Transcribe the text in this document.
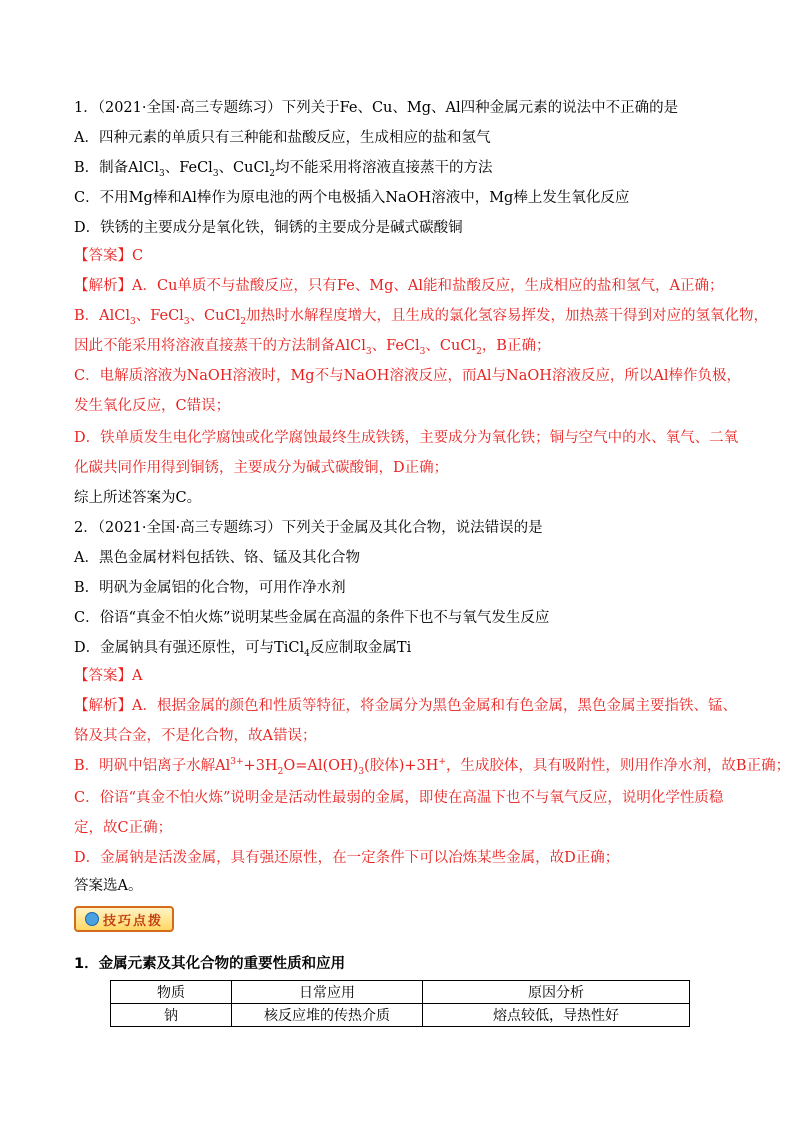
1．（2021·全国·高三专题练习）下列关于Fe、Cu、Mg、Al四种金属元素的说法中不正确的是
A．四种元素的单质只有三种能和盐酸反应，生成相应的盐和氢气
B．制备AlCl$_3$、FeCl$_3$、CuCl$_2$均不能采用将溶液直接蒸干的方法
C．不用Mg棒和Al棒作为原电池的两个电极插入NaOH溶液中，Mg棒上发生氧化反应
D．铁锈的主要成分是氧化铁，铜锈的主要成分是碱式碳酸铜
【答案】C
【解析】A．Cu单质不与盐酸反应，只有Fe、Mg、Al能和盐酸反应，生成相应的盐和氢气，A正确；
B．AlCl$_3$、FeCl$_3$、CuCl$_2$加热时水解程度增大，且生成的氯化氢容易挥发，加热蒸干得到对应的氢氧化物，
因此不能采用将溶液直接蒸干的方法制备AlCl$_3$、FeCl$_3$、CuCl$_2$，B正确；
C．电解质溶液为NaOH溶液时，Mg不与NaOH溶液反应，而Al与NaOH溶液反应，所以Al棒作负极，
发生氧化反应，C错误；
D．铁单质发生电化学腐蚀或化学腐蚀最终生成铁锈，主要成分为氧化铁；铜与空气中的水、氧气、二氧
化碳共同作用得到铜锈，主要成分为碱式碳酸铜，D正确；
综上所述答案为C。
2．（2021·全国·高三专题练习）下列关于金属及其化合物，说法错误的是
A．黑色金属材料包括铁、铬、锰及其化合物
B．明矾为金属铝的化合物，可用作净水剂
C．俗语“真金不怕火炼”说明某些金属在高温的条件下也不与氧气发生反应
D．金属钠具有强还原性，可与TiCl$_4$反应制取金属Ti
【答案】A
【解析】A．根据金属的颜色和性质等特征，将金属分为黑色金属和有色金属，黑色金属主要指铁、锰、
铬及其合金，不是化合物，故A错误；
B．明矾中铝离子水解$Al^{3+}+3H_2O=Al(OH)_3$(胶体)+3H+，生成胶体，具有吸附性，则用作净水剂，故B正确；
C．俗语“真金不怕火炼”说明金是活动性最弱的金属，即使在高温下也不与氧气反应，说明化学性质稳
定，故C正确；
D．金属钠是活泼金属，具有强还原性，在一定条件下可以冶炼某些金属，故D正确；
答案选A。
技巧点拨
1．金属元素及其化合物的重要性质和应用
物质	日常应用	原因分析
钠	核反应堆的传热介质	熔点较低，导热性好
